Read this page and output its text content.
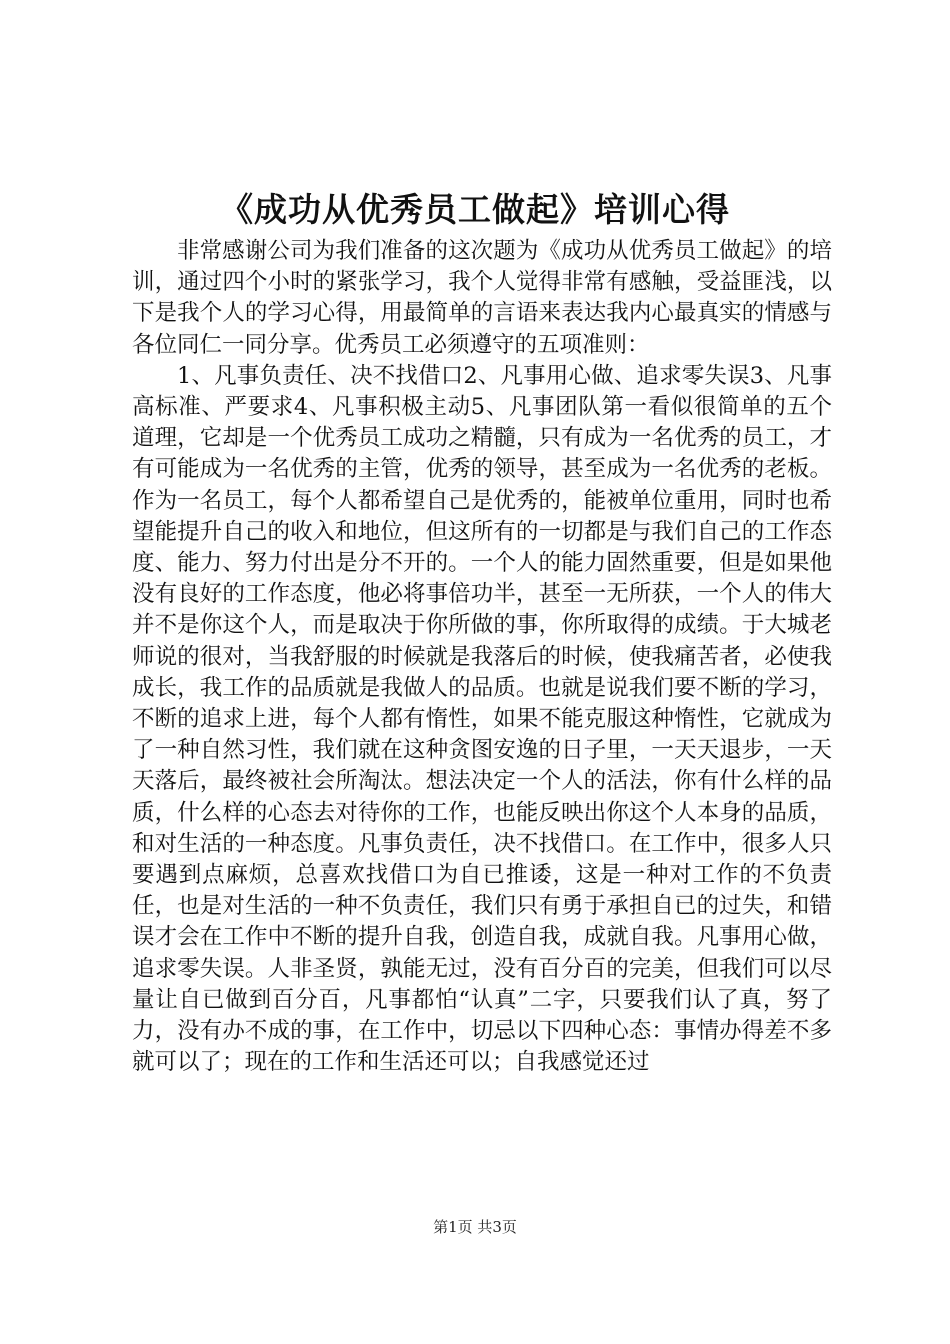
《成功从优秀员工做起》培训心得

非常感谢公司为我们准备的这次题为《成功从优秀员工做起》的培训，通过四个小时的紧张学习，我个人觉得非常有感触，受益匪浅，以下是我个人的学习心得，用最简单的言语来表达我内心最真实的情感与各位同仁一同分享。优秀员工必须遵守的五项准则：

1、凡事负责任、决不找借口2、凡事用心做、追求零失误3、凡事高标准、严要求4、凡事积极主动5、凡事团队第一看似很简单的五个道理，它却是一个优秀员工成功之精髓，只有成为一名优秀的员工，才有可能成为一名优秀的主管，优秀的领导，甚至成为一名优秀的老板。作为一名员工，每个人都希望自己是优秀的，能被单位重用，同时也希望能提升自己的收入和地位，但这所有的一切都是与我们自己的工作态度、能力、努力付出是分不开的。一个人的能力固然重要，但是如果他没有良好的工作态度，他必将事倍功半，甚至一无所获，一个人的伟大并不是你这个人，而是取决于你所做的事，你所取得的成绩。于大城老师说的很对，当我舒服的时候就是我落后的时候，使我痛苦者，必使我成长，我工作的品质就是我做人的品质。也就是说我们要不断的学习，不断的追求上进，每个人都有惰性，如果不能克服这种惰性，它就成为了一种自然习性，我们就在这种贪图安逸的日子里，一天天退步，一天天落后，最终被社会所淘汰。想法决定一个人的活法，你有什么样的品质，什么样的心态去对待你的工作，也能反映出你这个人本身的品质，和对生活的一种态度。凡事负责任，决不找借口。在工作中，很多人只要遇到点麻烦，总喜欢找借口为自已推诿，这是一种对工作的不负责任，也是对生活的一种不负责任，我们只有勇于承担自已的过失，和错误才会在工作中不断的提升自我，创造自我，成就自我。凡事用心做，追求零失误。人非圣贤，孰能无过，没有百分百的完美，但我们可以尽量让自已做到百分百，凡事都怕“认真”二字，只要我们认了真，努了力，没有办不成的事，在工作中，切忌以下四种心态：事情办得差不多就可以了；现在的工作和生活还可以；自我感觉还过

第1页 共3页
